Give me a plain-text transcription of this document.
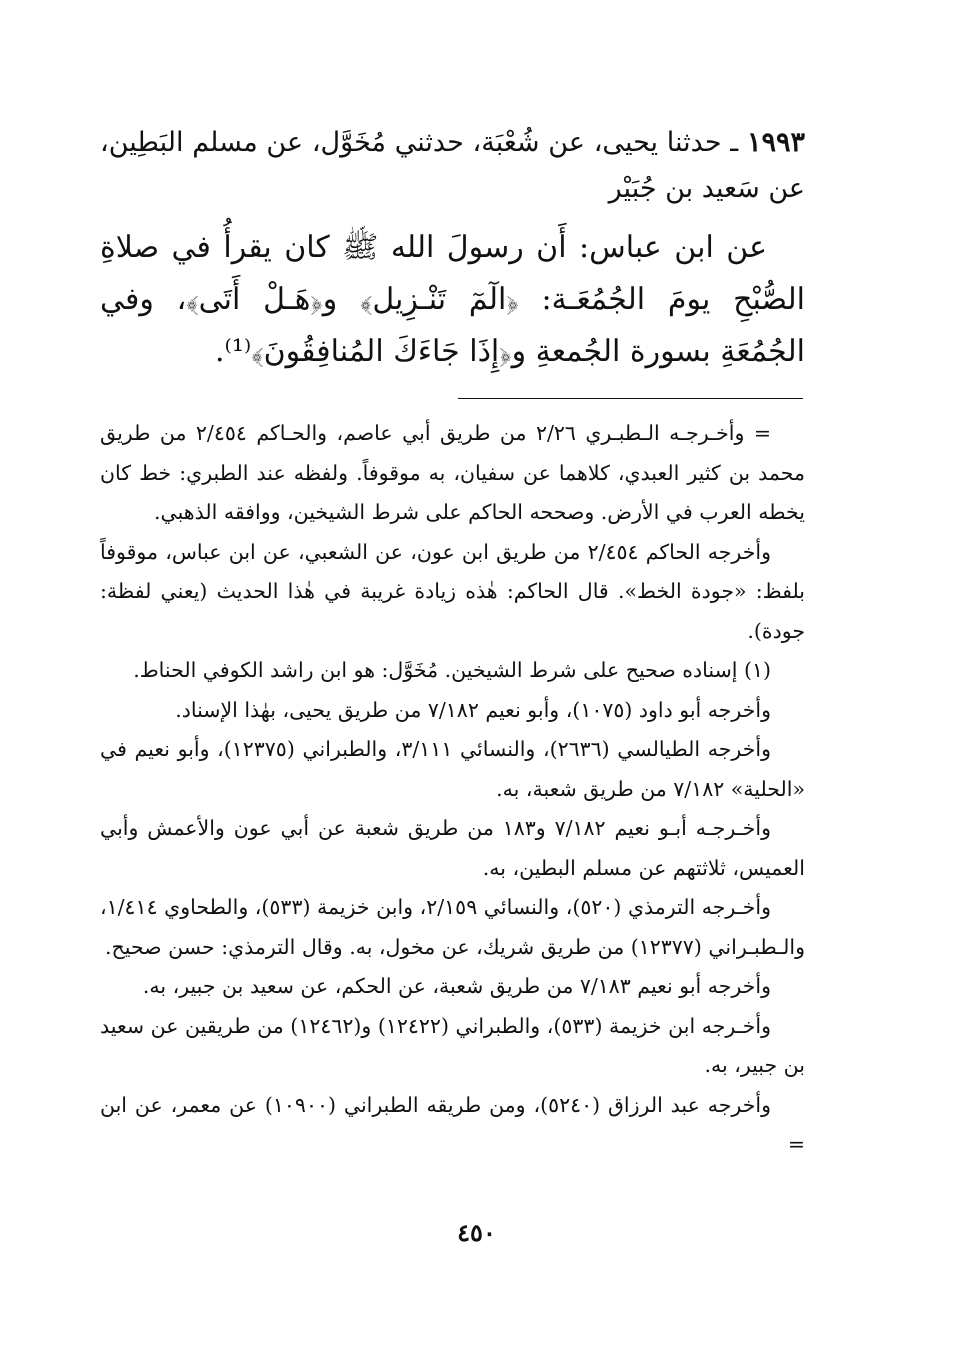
١٩٩٣ ـ حدثنا يحيى، عن شُعْبَة، حدثني مُخَوَّل، عن مسلم البَطِين، عن سَعيد بن جُبَيْر

عن ابن عباس: أَن رسولَ الله ﷺ كان يقرأُ في صلاةِ الصُّبْحِ يومَ الجُمُعَـة: ﴿الٓمٓ تَنْـزِيل﴾ و﴿هَـلْ أَتَى﴾، وفي الجُمُعَةِ بسورة الجُمعةِ و﴿إِذَا جَاءَكَ المُنافِقُونَ﴾⁽¹⁾.

= وأخـرجـه الـطبـري ٢/٢٦ من طريق أبي عاصم، والحـاكم ٢/٤٥٤ من طريق محمد بن كثير العبدي، كلاهما عن سفيان، به موقوفاً. ولفظه عند الطبري: خط كان يخطه العرب في الأرض. وصححه الحاكم على شرط الشيخين، ووافقه الذهبي.

وأخرجه الحاكم ٢/٤٥٤ من طريق ابن عون، عن الشعبي، عن ابن عباس، موقوفاً بلفظ: «جودة الخط». قال الحاكم: هٰذه زيادة غريبة في هٰذا الحديث (يعني لفظة: جودة).

(١) إسناده صحيح على شرط الشيخين. مُخَوَّل: هو ابن راشد الكوفي الحناط.

وأخرجه أبو داود (١٠٧٥)، وأبو نعيم ٧/١٨٢ من طريق يحيى، بهٰذا الإسناد.

وأخرجه الطيالسي (٢٦٣٦)، والنسائي ٣/١١١، والطبراني (١٢٣٧٥)، وأبو نعيم في «الحلية» ٧/١٨٢ من طريق شعبة، به.

وأخـرجـه أبـو نعيم ٧/١٨٢ و١٨٣ من طريق شعبة عن أبي عون والأعمش وأبي العميس، ثلاثتهم عن مسلم البطين، به.

وأخـرجه الترمذي (٥٢٠)، والنسائي ٢/١٥٩، وابن خزيمة (٥٣٣)، والطحاوي ١/٤١٤، والـطبـراني (١٢٣٧٧) من طريق شريك، عن مخول، به. وقال الترمذي: حسن صحيح.

وأخرجه أبو نعيم ٧/١٨٣ من طريق شعبة، عن الحكم، عن سعيد بن جبير، به.

وأخـرجه ابن خزيمة (٥٣٣)، والطبراني (١٢٤٢٢) و(١٢٤٦٢) من طريقين عن سعيد بن جبير، به.

وأخرجه عبد الرزاق (٥٢٤٠)، ومن طريقه الطبراني (١٠٩٠٠) عن معمر، عن ابن =

٤٥٠
